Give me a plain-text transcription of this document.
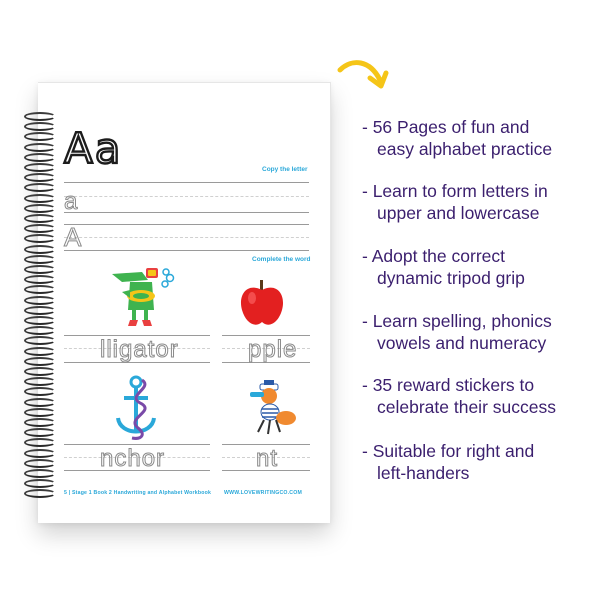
Aa	Copy the letter
a
A
Complete the word
lligator	pple
nchor	nt
5 | Stage 1 Book 2 Handwriting and Alphabet Workbook WWW.LOVEWRITINGCO.COM
- 56 Pages of fun and
easy alphabet practice
- Learn to form letters in
upper and lowercase
- Adopt the correct
dynamic tripod grip
- Learn spelling, phonics
vowels and numeracy
- 35 reward stickers to
celebrate their success
- Suitable for right and
left-handers
